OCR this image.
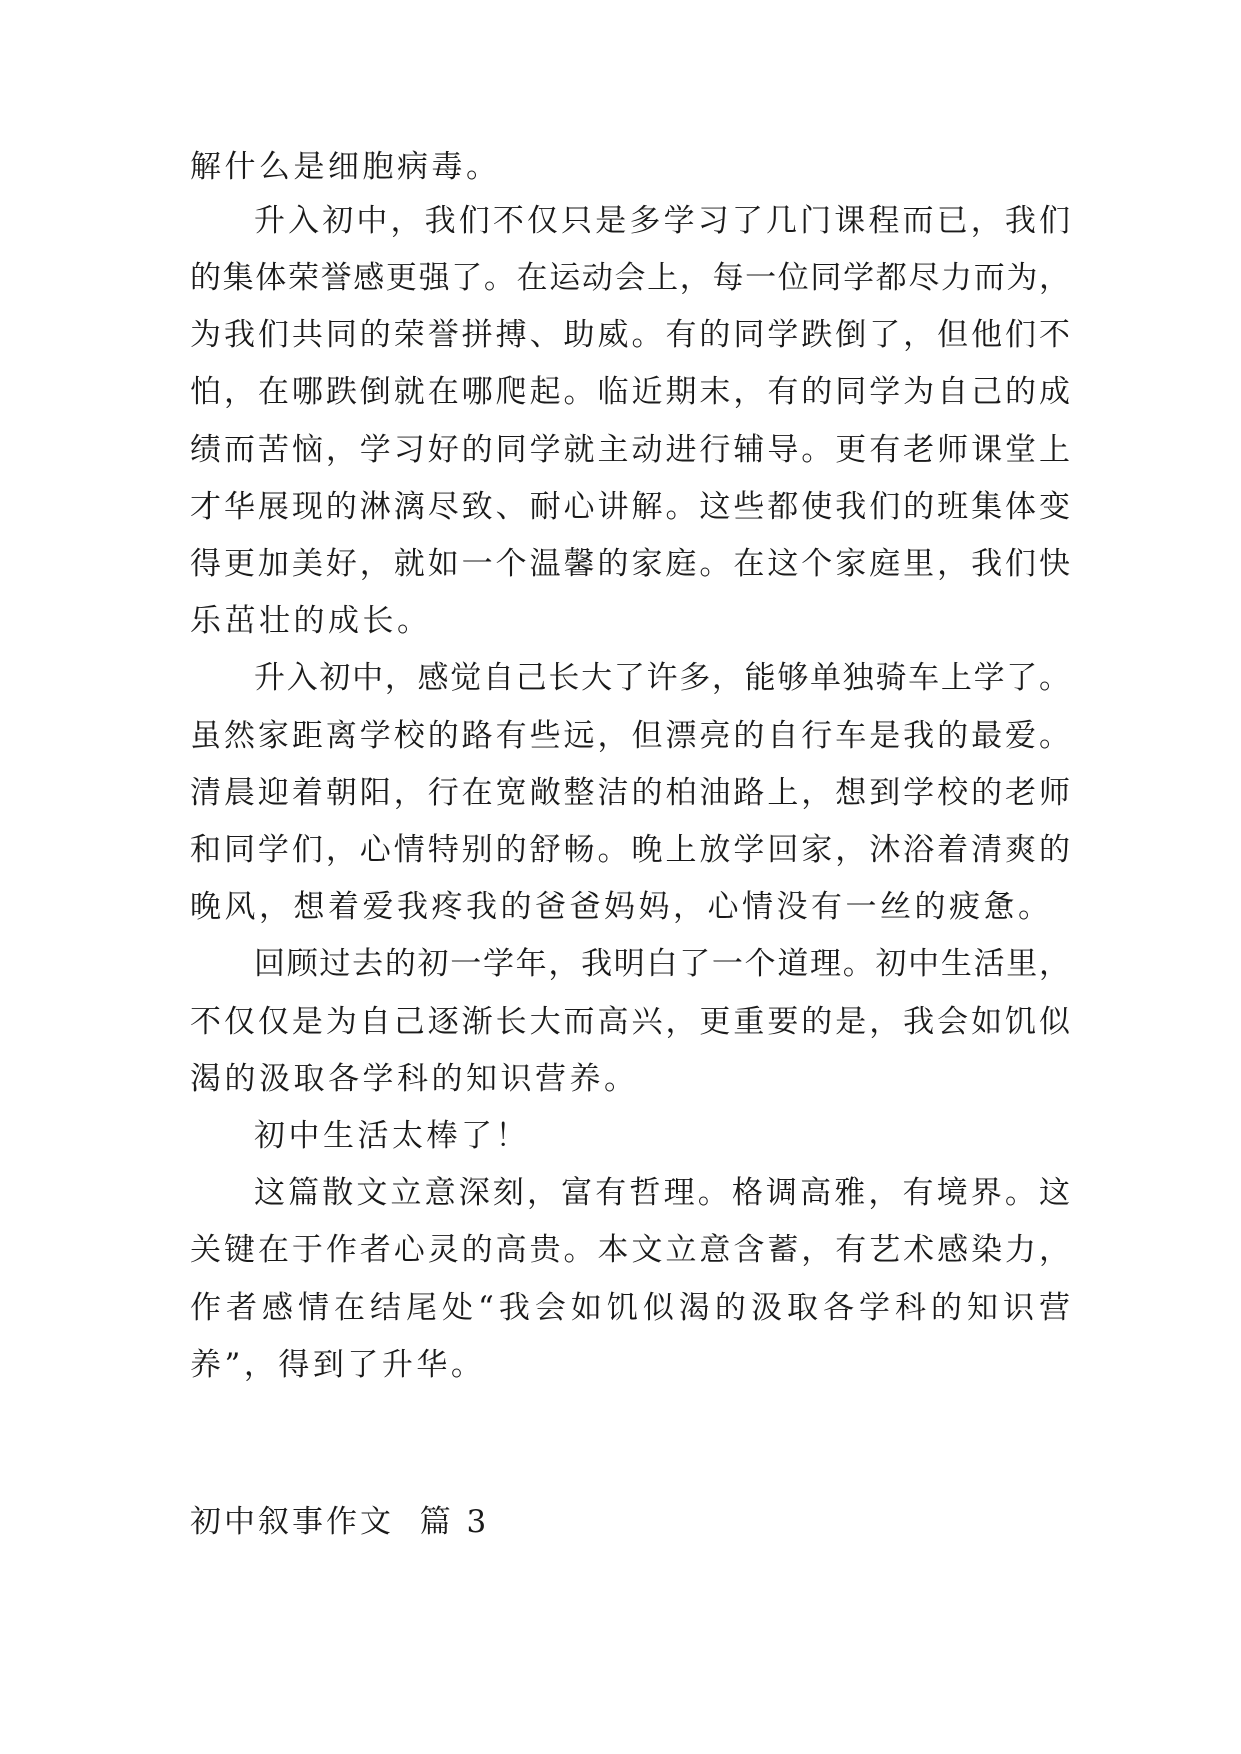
解什么是细胞病毒。
升入初中，我们不仅只是多学习了几门课程而已，我们
的集体荣誉感更强了。在运动会上，每一位同学都尽力而为，
为我们共同的荣誉拼搏、助威。有的同学跌倒了，但他们不
怕，在哪跌倒就在哪爬起。临近期末，有的同学为自己的成
绩而苦恼，学习好的同学就主动进行辅导。更有老师课堂上
才华展现的淋漓尽致、耐心讲解。这些都使我们的班集体变
得更加美好，就如一个温馨的家庭。在这个家庭里，我们快
乐茁壮的成长。
升入初中，感觉自己长大了许多，能够单独骑车上学了。
虽然家距离学校的路有些远，但漂亮的自行车是我的最爱。
清晨迎着朝阳，行在宽敞整洁的柏油路上，想到学校的老师
和同学们，心情特别的舒畅。晚上放学回家，沐浴着清爽的
晚风，想着爱我疼我的爸爸妈妈，心情没有一丝的疲惫。
回顾过去的初一学年，我明白了一个道理。初中生活里，
不仅仅是为自己逐渐长大而高兴，更重要的是，我会如饥似
渴的汲取各学科的知识营养。
初中生活太棒了！
这篇散文立意深刻，富有哲理。格调高雅，有境界。这
关键在于作者心灵的高贵。本文立意含蓄，有艺术感染力，
作者感情在结尾处“我会如饥似渴的汲取各学科的知识营
养”，得到了升华。
初中叙事作文  篇 3
